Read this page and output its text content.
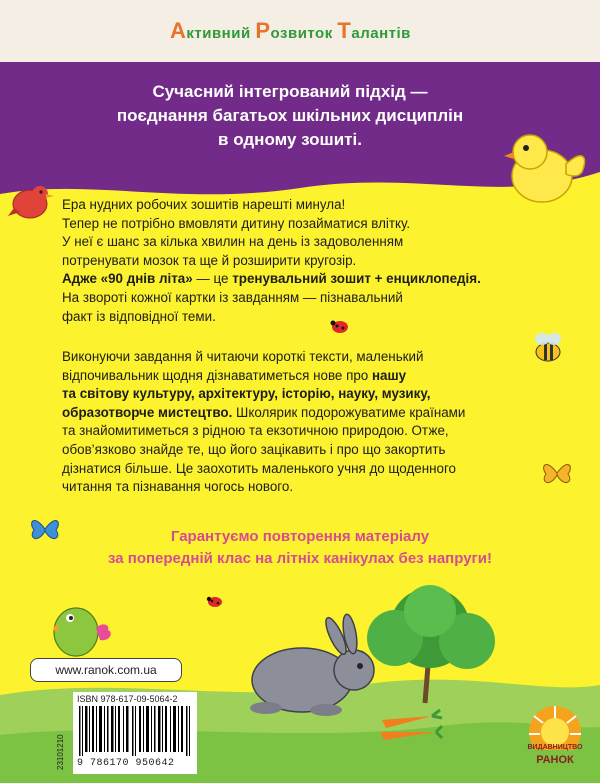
Активний Розвиток Талантів
Сучасний інтегрований підхід —
поєднання багатьох шкільних дисциплін
в одному зошиті.

Ера нудних робочих зошитів нарешті минула!
Тепер не потрібно вмовляти дитину позайматися влітку.
У неї є шанс за кілька хвилин на день із задоволенням
потренувати мозок та ще й розширити кругозір.
Адже «90 днів літа» — це тренувальний зошит + енциклопедія.
На звороті кожної картки із завданням — пізнавальний
факт із відповідної теми.

Виконуючи завдання й читаючи короткі тексти, маленький
відпочивальник щодня дізнаватиметься нове про нашу
та світову культуру, архітектуру, історію, науку, музику,
образотворче мистецтво. Школярик подорожуватиме країнами
та знайомитиметься з рідною та екзотичною природою. Отже,
обов’язково знайде те, що його зацікавить і про що закортить
дізнатися більше. Це заохотить маленького учня до щоденного
читання та пізнавання чогось нового.

Гарантуємо повторення матеріалу
за попередній клас на літніх канікулах без напруги!

www.ranok.com.ua
23101210
ISBN 978-617-09-5064-2
9 786170 950642
ВИДАВНИЦТВО
РАНОК
